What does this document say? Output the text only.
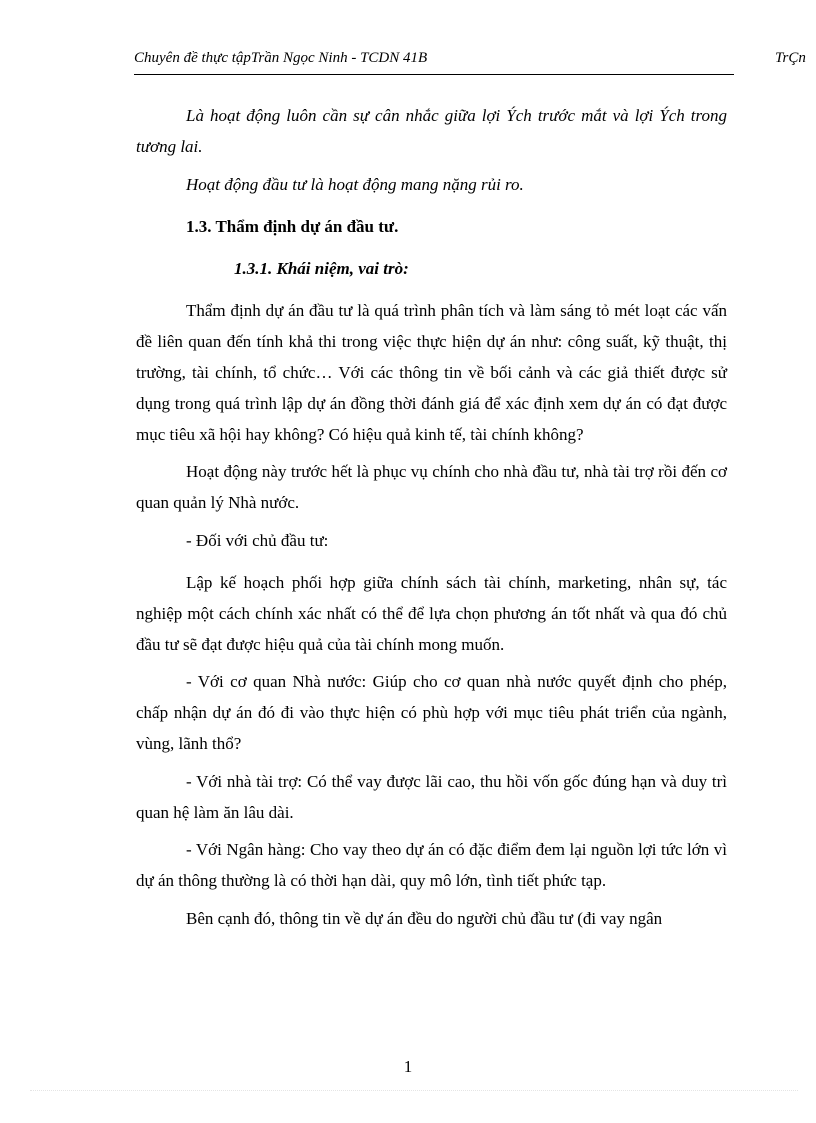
Chuyên đề thực tậpTrần Ngọc Ninh - TCDN 41B	TrÇn

Là hoạt động luôn cần sự cân nhắc giữa lợi Ých trước mắt và lợi Ých trong tương lai.

Hoạt động đầu tư là hoạt động mang nặng rủi ro.

1.3. Thẩm định dự án đầu tư.

1.3.1. Khái niệm, vai trò:

Thẩm định dự án đầu tư là quá trình phân tích và làm sáng tỏ mét loạt các vấn đề liên quan đến tính khả thi trong việc thực hiện dự án như: công suất, kỹ thuật, thị trường, tài chính, tổ chức… Với các thông tin về bối cảnh và các giả thiết được sử dụng trong quá trình lập dự án đồng thời đánh giá để xác định xem dự án có đạt được mục tiêu xã hội hay không? Có hiệu quả kinh tế, tài chính không?

Hoạt động này trước hết là phục vụ chính cho nhà đầu tư, nhà tài trợ rồi đến cơ quan quản lý Nhà nước.

- Đối với chủ đầu tư:

Lập kế hoạch phối hợp giữa chính sách tài chính, marketing, nhân sự, tác nghiệp một cách chính xác nhất có thể để lựa chọn phương án tốt nhất và qua đó chủ đầu tư sẽ đạt được hiệu quả của tài chính mong muốn.

- Với cơ quan Nhà nước: Giúp cho cơ quan nhà nước quyết định cho phép, chấp nhận dự án đó đi vào thực hiện có phù hợp với mục tiêu phát triển của ngành, vùng, lãnh thổ?

- Với nhà tài trợ: Có thể vay được lãi cao, thu hồi vốn gốc đúng hạn và duy trì quan hệ làm ăn lâu dài.

- Với Ngân hàng: Cho vay theo dự án có đặc điểm đem lại nguồn lợi tức lớn vì dự án thông thường là có thời hạn dài, quy mô lớn, tình tiết phức tạp.

Bên cạnh đó, thông tin về dự án đều do người chủ đầu tư (đi vay ngân

1
